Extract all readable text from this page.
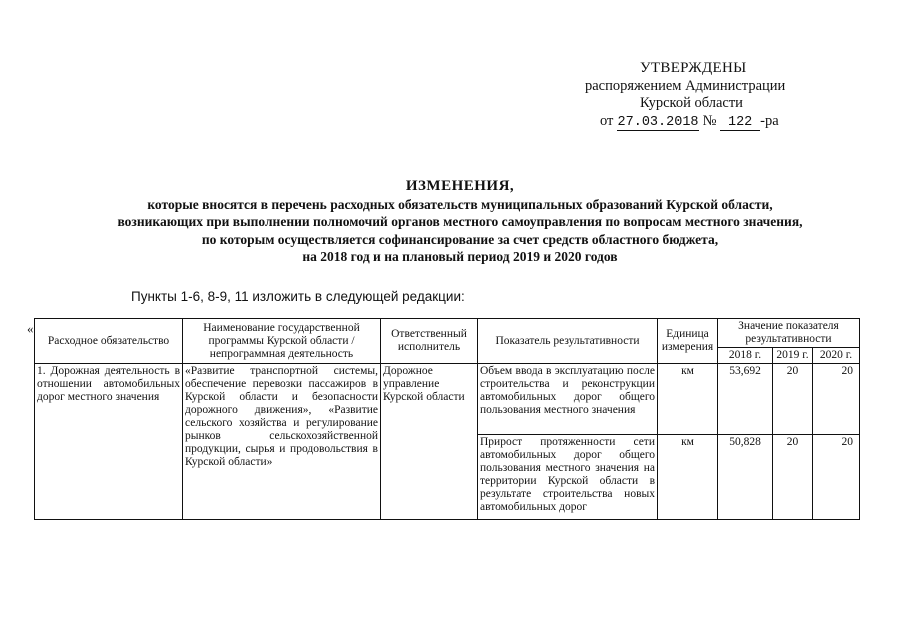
УТВЕРЖДЕНЫ
распоряжением Администрации
Курской области
от 27.03.2018 № 122 -ра
ИЗМЕНЕНИЯ,
которые вносятся в перечень расходных обязательств муниципальных образований Курской области,
возникающих при выполнении полномочий органов местного самоуправления по вопросам местного значения,
по которым осуществляется софинансирование за счет средств областного бюджета,
на 2018 год и на плановый период 2019 и 2020 годов
Пункты 1-6, 8-9, 11 изложить в следующей редакции:
«
Расходное обязательство	Наименование государственной программы Курской области / непрограммная деятельность	Ответственный исполнитель	Показатель результативности	Единица измерения	Значение показателя результативности		
					2018 г.	2019 г.	2020 г.
1. Дорожная деятельность в отношении автомобильных дорог местного значения	«Развитие транспортной системы, обеспечение перевозки пассажиров в Курской области и безопасности дорожного движения», «Развитие сельского хозяйства и регулирование рынков сельскохозяйственной продукции, сырья и продовольствия в Курской области»	Дорожное управление Курской области	Объем ввода в эксплуатацию после строительства и реконструкции автомобильных дорог общего пользования местного значения	км	53,692	20	20
			Прирост протяженности сети автомобильных дорог общего пользования местного значения на территории Курской области в результате строительства новых автомобильных дорог	км	50,828	20	20
